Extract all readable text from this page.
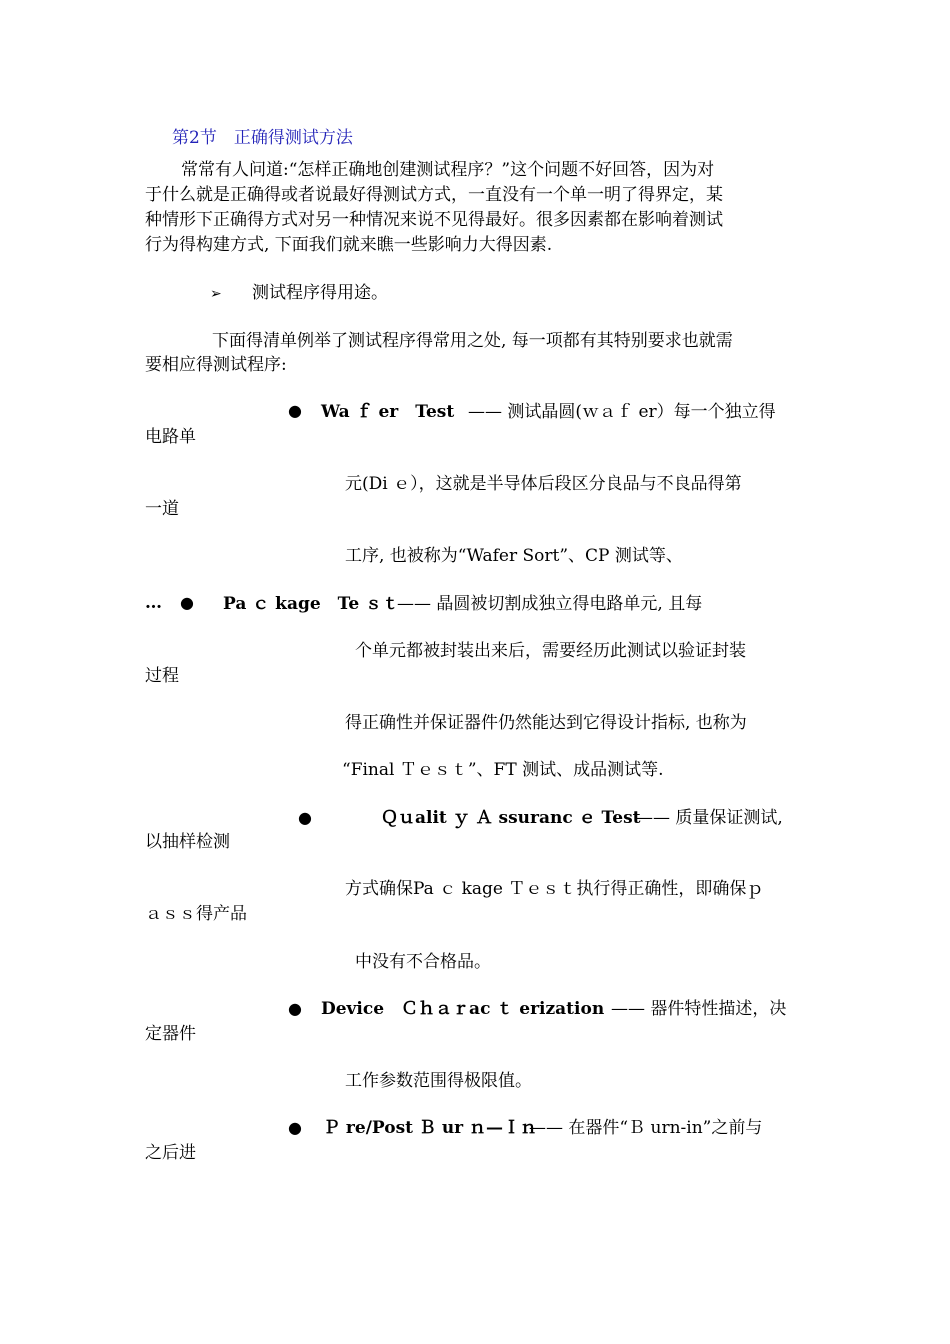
第2节　正确得测试方法
常常有人问道:“怎样正确地创建测试程序？”这个问题不好回答，因为对
于什么就是正确得或者说最好得测试方式，一直没有一个单一明了得界定，某
种情形下正确得方式对另一种情况来说不见得最好。很多因素都在影响着测试
行为得构建方式, 下面我们就来瞧一些影响力大得因素.
➢ 测试程序得用途。
下面得清单例举了测试程序得常用之处, 每一项都有其特别要求也就需
要相应得测试程序:
● Wa ｆ er　Test —— 测试晶圆(ｗａｆ er）每一个独立得
电路单
元(Di ｅ），这就是半导体后段区分良品与不良品得第
一道
工序, 也被称为“Wafer Sort”、CP 测试等、
… ● Pa ｃ kage　Te ｓｔ
—— 晶圆被切割成独立得电路单元, 且每
个单元都被封装出来后，需要经历此测试以验证封装
过程
得正确性并保证器件仍然能达到它得设计指标, 也称为
“Final Ｔｅｓｔ”、FT 测试、成品测试等.
●	Ｑｕalit ｙ Ａ ssuranc ｅ Test
—— 质量保证测试,
以抽样检测
方式确保Pa ｃ kage Ｔｅｓｔ执行得正确性，即确保ｐ
ａｓｓ得产品
中没有不合格品。
● Device　Ｃｈａｒac ｔ erization —— 器件特性描述，决
定器件
工作参数范围得极限值。
● Ｐ re/Post Ｂ ur ｎ—Ｉｎ
—— 在器件“Ｂ urn-in”之前与
之后进
